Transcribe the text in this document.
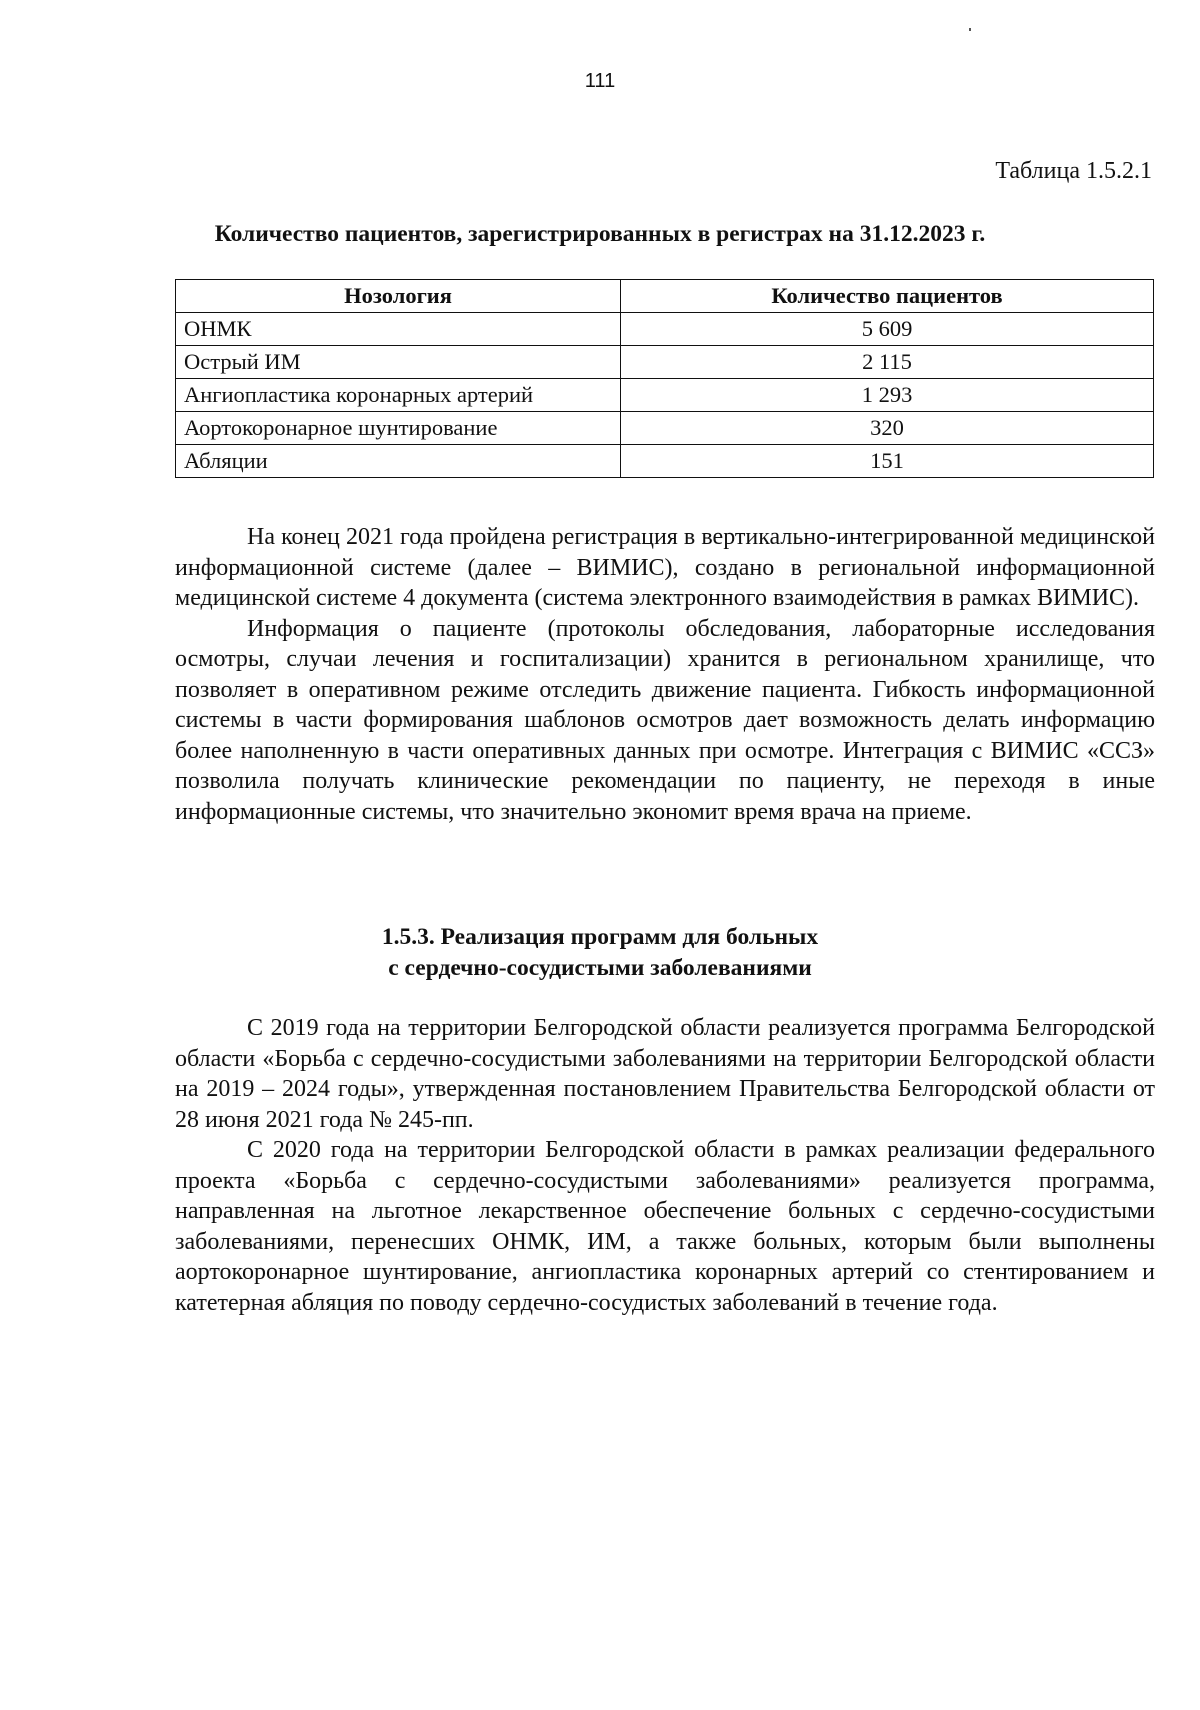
111
Таблица 1.5.2.1
Количество пациентов, зарегистрированных в регистрах на 31.12.2023 г.
Нозология	Количество пациентов
ОНМК	5 609
Острый ИМ	2 115
Ангиопластика коронарных артерий	1 293
Аортокоронарное шунтирование	320
Абляции	151

На конец 2021 года пройдена регистрация в вертикально-интегрированной медицинской информационной системе (далее – ВИМИС), создано в региональной информационной медицинской системе 4 документа (система электронного взаимодействия в рамках ВИМИС).

Информация о пациенте (протоколы обследования, лабораторные исследования осмотры, случаи лечения и госпитализации) хранится в региональном хранилище, что позволяет в оперативном режиме отследить движение пациента. Гибкость информационной системы в части формирования шаблонов осмотров дает возможность делать информацию более наполненную в части оперативных данных при осмотре. Интеграция с ВИМИС «ССЗ» позволила получать клинические рекомендации по пациенту, не переходя в иные информационные системы, что значительно экономит время врача на приеме.

1.5.3. Реализация программ для больных
с сердечно-сосудистыми заболеваниями

С 2019 года на территории Белгородской области реализуется программа Белгородской области «Борьба с сердечно-сосудистыми заболеваниями на территории Белгородской области на 2019 – 2024 годы», утвержденная постановлением Правительства Белгородской области от 28 июня 2021 года № 245-пп.

С 2020 года на территории Белгородской области в рамках реализации федерального проекта «Борьба с сердечно-сосудистыми заболеваниями» реализуется программа, направленная на льготное лекарственное обеспечение больных с сердечно-сосудистыми заболеваниями, перенесших ОНМК, ИМ, а также больных, которым были выполнены аортокоронарное шунтирование, ангиопластика коронарных артерий со стентированием и катетерная абляция по поводу сердечно-сосудистых заболеваний в течение года.
